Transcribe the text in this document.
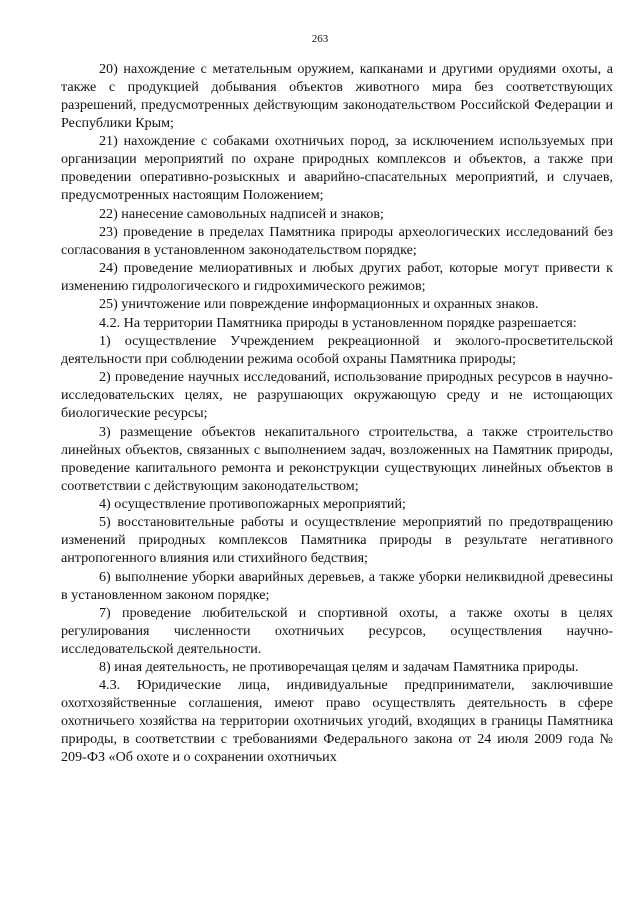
263

20) нахождение с метательным оружием, капканами и другими орудиями охоты, а также с продукцией добывания объектов животного мира без соответствующих разрешений, предусмотренных действующим законодательством Российской Федерации и Республики Крым;

21) нахождение с собаками охотничьих пород, за исключением используемых при организации мероприятий по охране природных комплексов и объектов, а также при проведении оперативно-розыскных и аварийно-спасательных мероприятий, и случаев, предусмотренных настоящим Положением;

22) нанесение самовольных надписей и знаков;

23) проведение в пределах Памятника природы археологических исследований без согласования в установленном законодательством порядке;

24) проведение мелиоративных и любых других работ, которые могут привести к изменению гидрологического и гидрохимического режимов;

25) уничтожение или повреждение информационных и охранных знаков.

4.2. На территории Памятника природы в установленном порядке разрешается:

1) осуществление Учреждением рекреационной и эколого-просветительской деятельности при соблюдении режима особой охраны Памятника природы;

2) проведение научных исследований, использование природных ресурсов в научно-исследовательских целях, не разрушающих окружающую среду и не истощающих биологические ресурсы;

3) размещение объектов некапитального строительства, а также строительство линейных объектов, связанных с выполнением задач, возложенных на Памятник природы, проведение капитального ремонта и реконструкции существующих линейных объектов в соответствии с действующим законодательством;

4) осуществление противопожарных мероприятий;

5) восстановительные работы и осуществление мероприятий по предотвращению изменений природных комплексов Памятника природы в результате негативного антропогенного влияния или стихийного бедствия;

6) выполнение уборки аварийных деревьев, а также уборки неликвидной древесины в установленном законом порядке;

7) проведение любительской и спортивной охоты, а также охоты в целях регулирования численности охотничьих ресурсов, осуществления научно-исследовательской деятельности.

8) иная деятельность, не противоречащая целям и задачам Памятника природы.

4.3. Юридические лица, индивидуальные предприниматели, заключившие охотхозяйственные соглашения, имеют право осуществлять деятельность в сфере охотничьего хозяйства на территории охотничьих угодий, входящих в границы Памятника природы, в соответствии с требованиями Федерального закона от 24 июля 2009 года № 209-ФЗ «Об охоте и о сохранении охотничьих
